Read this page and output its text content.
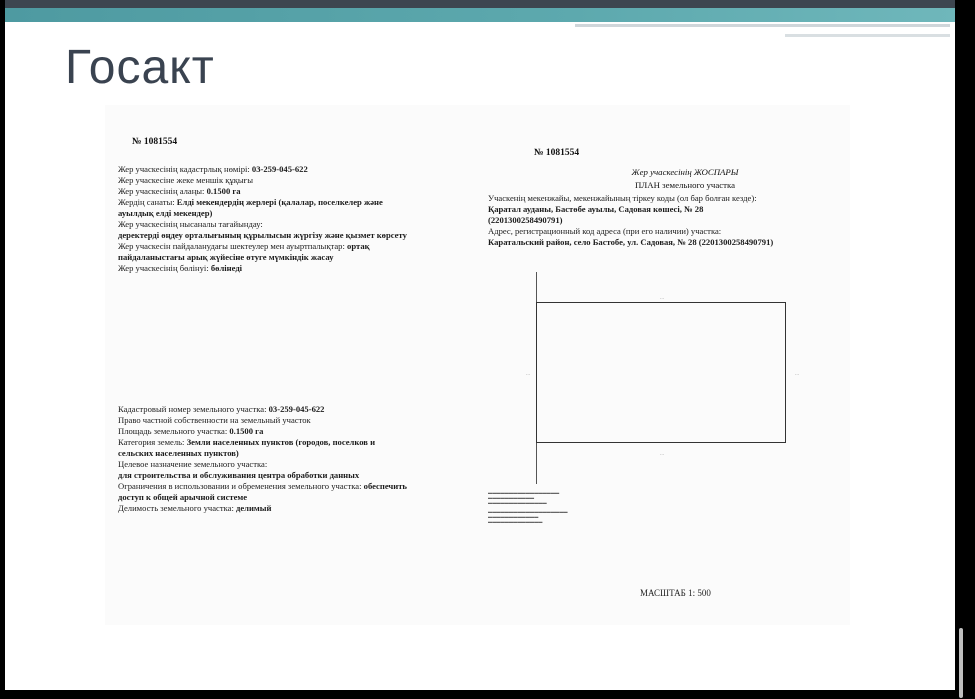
Госакт
№ 1081554
Жер учаскесінің кадастрлық нөмірі: 03-259-045-622
Жер учаскесіне жеке меншік құқығы
Жер учаскесінің алаңы: 0.1500 га
Жердің санаты: Елді мекендердің жерлері (қалалар, поселкелер және
ауылдық елді мекендер)
Жер учаскесінің нысаналы тағайындау:
деректерді өңдеу орталығының құрылысын жүргізу және қызмет көрсету
Жер учаскесін пайдаланудағы шектеулер мен ауыртпалықтар: ортақ
пайдаланыстағы арық жүйесіне өтуге мүмкіндік жасау
Жер учаскесінің бөлінуі: бөлінеді
Кадастровый номер земельного участка: 03-259-045-622
Право частной собственности на земельный участок
Площадь земельного участка: 0.1500 га
Категория земель: Земли населенных пунктов (городов, поселков и
сельских населенных пунктов)
Целевое назначение земельного участка:
для строительства и обслуживания центра обработки данных
Ограничения в использовании и обременения земельного участка: обеспечить
доступ к общей арычной системе
Делимость земельного участка: делимый
№ 1081554
Жер учаскесінің ЖОСПАРЫ
ПЛАН земельного участка
Учаскенің мекенжайы, мекенжайының тіркеу коды (ол бар болған кезде):
Қаратал ауданы, Бастөбе ауылы, Садовая көшесі, № 28
(2201300258490791)
Адрес, регистрационный код адреса (при его наличии) участка:
Каратальский район, село Бастобе, ул. Садовая, № 28 (2201300258490791)
···
···
···	···
▬▬▬▬▬▬▬▬▬▬▬▬▬▬▬▬▬
▬▬▬▬▬▬▬▬▬▬▬
▬▬▬▬▬▬▬▬▬▬▬▬▬▬
▬▬▬▬▬▬▬▬▬▬▬▬▬▬▬▬▬▬▬
▬▬▬▬▬▬▬▬▬▬▬▬
▬▬▬▬▬▬▬▬▬▬▬▬▬
МАСШТАБ 1: 500
